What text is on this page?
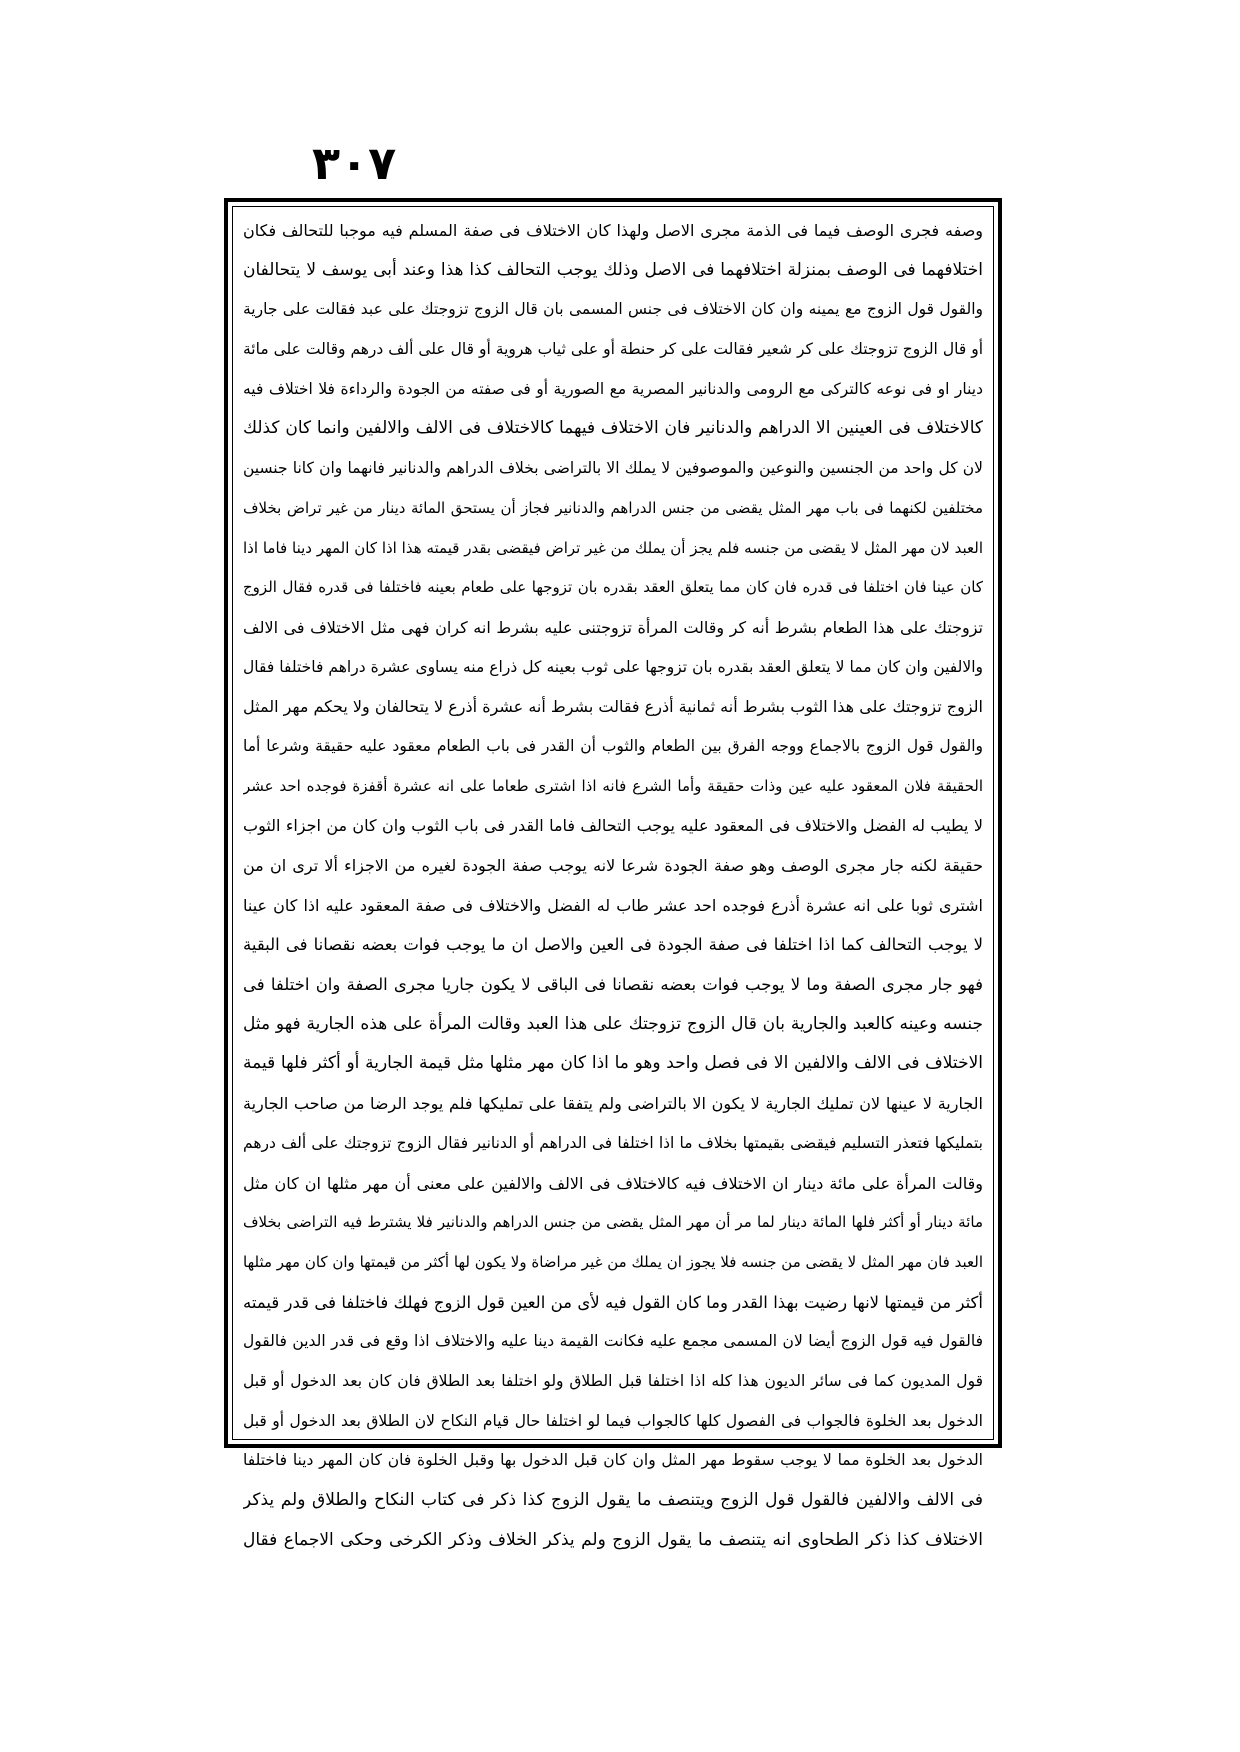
٣٠٧
وصفه فجرى الوصف فيما فى الذمة مجرى الاصل ولهذا كان الاختلاف فى صفة المسلم فيه موجبا للتحالف فكان
اختلافهما فى الوصف بمنزلة اختلافهما فى الاصل وذلك يوجب التحالف كذا هذا وعند أبى يوسف لا يتحالفان
والقول قول الزوج مع يمينه وان كان الاختلاف فى جنس المسمى بان قال الزوج تزوجتك على عبد فقالت على جارية
أو قال الزوج تزوجتك على كر شعير فقالت على كر حنطة أو على ثياب هروية أو قال على ألف درهم وقالت على مائة
دينار او فى نوعه كالتركى مع الرومى والدنانير المصرية مع الصورية أو فى صفته من الجودة والرداءة فلا اختلاف فيه
كالاختلاف فى العينين الا الدراهم والدنانير فان الاختلاف فيهما كالاختلاف فى الالف والالفين وانما كان كذلك
لان كل واحد من الجنسين والنوعين والموصوفين لا يملك الا بالتراضى بخلاف الدراهم والدنانير فانهما وان كانا جنسين
مختلفين لكنهما فى باب مهر المثل يقضى من جنس الدراهم والدنانير فجاز أن يستحق المائة دينار من غير تراض بخلاف
العبد لان مهر المثل لا يقضى من جنسه فلم يجز أن يملك من غير تراض فيقضى بقدر قيمته هذا اذا كان المهر دينا فاما اذا
كان عينا فان اختلفا فى قدره فان كان مما يتعلق العقد بقدره بان تزوجها على طعام بعينه فاختلفا فى قدره فقال الزوج
تزوجتك على هذا الطعام بشرط أنه كر وقالت المرأة تزوجتنى عليه بشرط انه كران فهى مثل الاختلاف فى الالف
والالفين وان كان مما لا يتعلق العقد بقدره بان تزوجها على ثوب بعينه كل ذراع منه يساوى عشرة دراهم فاختلفا فقال
الزوج تزوجتك على هذا الثوب بشرط أنه ثمانية أذرع فقالت بشرط أنه عشرة أذرع لا يتحالفان ولا يحكم مهر المثل
والقول قول الزوج بالاجماع ووجه الفرق بين الطعام والثوب أن القدر فى باب الطعام معقود عليه حقيقة وشرعا أما
الحقيقة فلان المعقود عليه عين وذات حقيقة وأما الشرع فانه اذا اشترى طعاما على انه عشرة أقفزة فوجده احد عشر
لا يطيب له الفضل والاختلاف فى المعقود عليه يوجب التحالف فاما القدر فى باب الثوب وان كان من اجزاء الثوب
حقيقة لكنه جار مجرى الوصف وهو صفة الجودة شرعا لانه يوجب صفة الجودة لغيره من الاجزاء ألا ترى ان من
اشترى ثوبا على انه عشرة أذرع فوجده احد عشر طاب له الفضل والاختلاف فى صفة المعقود عليه اذا كان عينا
لا يوجب التحالف كما اذا اختلفا فى صفة الجودة فى العين والاصل ان ما يوجب فوات بعضه نقصانا فى البقية
فهو جار مجرى الصفة وما لا يوجب فوات بعضه نقصانا فى الباقى لا يكون جاريا مجرى الصفة وان اختلفا فى
جنسه وعينه كالعبد والجارية بان قال الزوج تزوجتك على هذا العبد وقالت المرأة على هذه الجارية فهو مثل
الاختلاف فى الالف والالفين الا فى فصل واحد وهو ما اذا كان مهر مثلها مثل قيمة الجارية أو أكثر فلها قيمة
الجارية لا عينها لان تمليك الجارية لا يكون الا بالتراضى ولم يتفقا على تمليكها فلم يوجد الرضا من صاحب الجارية
بتمليكها فتعذر التسليم فيقضى بقيمتها بخلاف ما اذا اختلفا فى الدراهم أو الدنانير فقال الزوج تزوجتك على ألف درهم
وقالت المرأة على مائة دينار ان الاختلاف فيه كالاختلاف فى الالف والالفين على معنى أن مهر مثلها ان كان مثل
مائة دينار أو أكثر فلها المائة دينار لما مر أن مهر المثل يقضى من جنس الدراهم والدنانير فلا يشترط فيه التراضى بخلاف
العبد فان مهر المثل لا يقضى من جنسه فلا يجوز ان يملك من غير مراضاة ولا يكون لها أكثر من قيمتها وان كان مهر مثلها
أكثر من قيمتها لانها رضيت بهذا القدر وما كان القول فيه لأى من العين قول الزوج فهلك فاختلفا فى قدر قيمته
فالقول فيه قول الزوج أيضا لان المسمى مجمع عليه فكانت القيمة دينا عليه والاختلاف اذا وقع فى قدر الدين فالقول
قول المديون كما فى سائر الديون هذا كله اذا اختلفا قبل الطلاق ولو اختلفا بعد الطلاق فان كان بعد الدخول أو قبل
الدخول بعد الخلوة فالجواب فى الفصول كلها كالجواب فيما لو اختلفا حال قيام النكاح لان الطلاق بعد الدخول أو قبل
الدخول بعد الخلوة مما لا يوجب سقوط مهر المثل وان كان قبل الدخول بها وقبل الخلوة فان كان المهر دينا فاختلفا
فى الالف والالفين فالقول قول الزوج ويتنصف ما يقول الزوج كذا ذكر فى كتاب النكاح والطلاق ولم يذكر
الاختلاف كذا ذكر الطحاوى انه يتنصف ما يقول الزوج ولم يذكر الخلاف وذكر الكرخى وحكى الاجماع فقال
